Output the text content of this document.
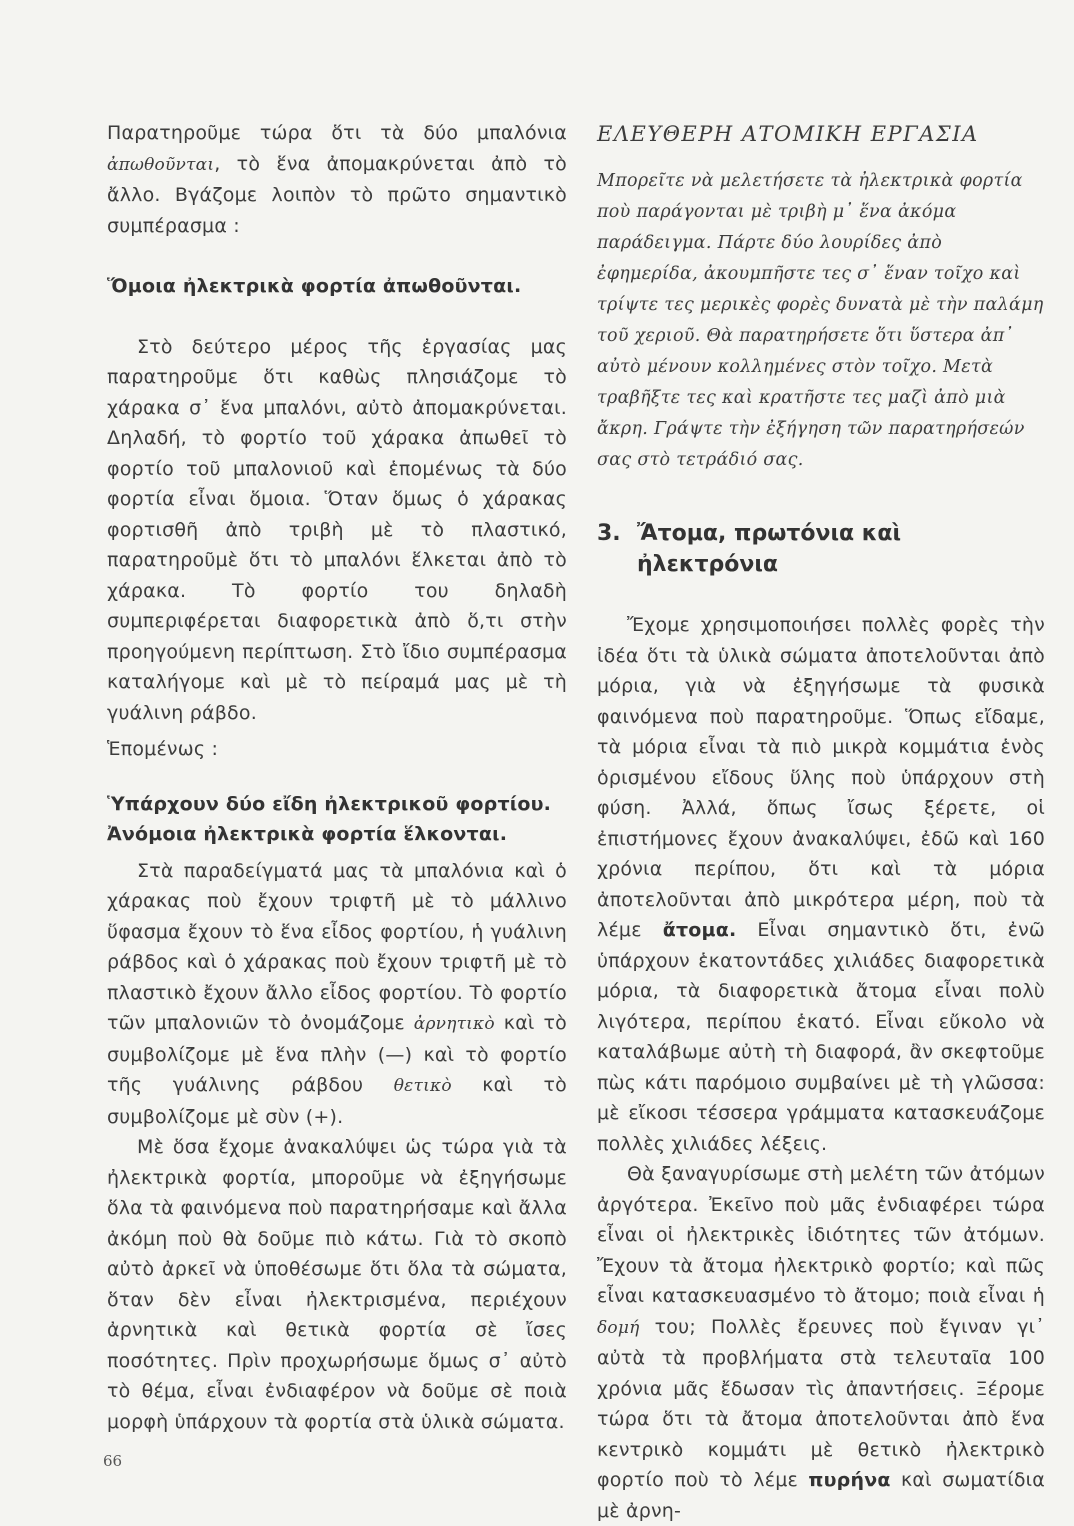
Παρατηροῦμε τώρα ὅτι τὰ δύο μπαλόνια ἀπωθοῦνται, τὸ ἕνα ἀπομακρύνεται ἀπὸ τὸ ἄλλο. Βγάζομε λοιπὸν τὸ πρῶτο σημαντικὸ συμπέρασμα :

Ὅμοια ἠλεκτρικὰ φορτία ἀπωθοῦνται.

Στὸ δεύτερο μέρος τῆς ἐργασίας μας παρατηροῦμε ὅτι καθὼς πλησιάζομε τὸ χάρακα σ᾽ ἕνα μπαλόνι, αὐτὸ ἀπομακρύνεται. Δηλαδή, τὸ φορτίο τοῦ χάρακα ἀπωθεῖ τὸ φορτίο τοῦ μπαλονιοῦ καὶ ἑπομένως τὰ δύο φορτία εἶναι ὅμοια. Ὅταν ὅμως ὁ χάρακας φορτισθῆ ἀπὸ τριβὴ μὲ τὸ πλαστικό, παρατηροῦμὲ ὅτι τὸ μπαλόνι ἕλκεται ἀπὸ τὸ χάρακα. Τὸ φορτίο του δηλαδὴ συμπεριφέρεται διαφορετικὰ ἀπὸ ὅ,τι στὴν προηγούμενη περίπτωση. Στὸ ἴδιο συμπέρασμα καταλήγομε καὶ μὲ τὸ πείραμά μας μὲ τὴ γυάλινη ράβδο.

Ἑπομένως :

Ὑπάρχουν δύο εἴδη ἠλεκτρικοῦ φορτίου.

Ἀνόμοια ἠλεκτρικὰ φορτία ἕλκονται.

Στὰ παραδείγματά μας τὰ μπαλόνια καὶ ὁ χάρακας ποὺ ἔχουν τριφτῆ μὲ τὸ μάλλινο ὕφασμα ἔχουν τὸ ἕνα εἶδος φορτίου, ἡ γυάλινη ράβδος καὶ ὁ χάρακας ποὺ ἔχουν τριφτῆ μὲ τὸ πλαστικὸ ἔχουν ἄλλο εἶδος φορτίου. Τὸ φορτίο τῶν μπαλονιῶν τὸ ὀνομάζομε ἀρνητικὸ καὶ τὸ συμβολίζομε μὲ ἕνα πλὴν (—) καὶ τὸ φορτίο τῆς γυάλινης ράβδου θετικὸ καὶ τὸ συμβολίζομε μὲ σὺν (+).

Μὲ ὅσα ἔχομε ἀνακαλύψει ὡς τώρα γιὰ τὰ ἠλεκτρικὰ φορτία, μποροῦμε νὰ ἐξηγήσωμε ὅλα τὰ φαινόμενα ποὺ παρατηρήσαμε καὶ ἄλλα ἀκόμη ποὺ θὰ δοῦμε πιὸ κάτω. Γιὰ τὸ σκοπὸ αὐτὸ ἀρκεῖ νὰ ὑποθέσωμε ὅτι ὅλα τὰ σώματα, ὅταν δὲν εἶναι ἠλεκτρισμένα, περιέχουν ἀρνητικὰ καὶ θετικὰ φορτία σὲ ἴσες ποσότητες. Πρὶν προχωρήσωμε ὅμως σ᾽ αὐτὸ τὸ θέμα, εἶναι ἐνδιαφέρον νὰ δοῦμε σὲ ποιὰ μορφὴ ὑπάρχουν τὰ φορτία στὰ ὑλικὰ σώματα.

ΕΛΕΥΘΕΡΗ ΑΤΟΜΙΚΗ ΕΡΓΑΣΙΑ

Μπορεῖτε νὰ μελετήσετε τὰ ἠλεκτρικὰ φορτία ποὺ παράγονται μὲ τριβὴ μ᾽ ἕνα ἀκόμα παράδειγμα. Πάρτε δύο λουρίδες ἀπὸ ἐφημερίδα, ἀκουμπῆστε τες σ᾽ ἕναν τοῖχο καὶ τρίψτε τες μερικὲς φορὲς δυνατὰ μὲ τὴν παλάμη τοῦ χεριοῦ. Θὰ παρατηρήσετε ὅτι ὕστερα ἀπ᾽ αὐτὸ μένουν κολλημένες στὸν τοῖχο. Μετὰ τραβῆξτε τες καὶ κρατῆστε τες μαζὶ ἀπὸ μιὰ ἄκρη. Γράψτε τὴν ἐξήγηση τῶν παρατηρήσεών σας στὸ τετράδιό σας.

3. Ἄτομα, πρωτόνια καὶ
ἠλεκτρόνια

Ἔχομε χρησιμοποιήσει πολλὲς φορὲς τὴν ἰδέα ὅτι τὰ ὑλικὰ σώματα ἀποτελοῦνται ἀπὸ μόρια, γιὰ νὰ ἐξηγήσωμε τὰ φυσικὰ φαινόμενα ποὺ παρατηροῦμε. Ὅπως εἴδαμε, τὰ μόρια εἶναι τὰ πιὸ μικρὰ κομμάτια ἑνὸς ὁρισμένου εἴδους ὕλης ποὺ ὑπάρχουν στὴ φύση. Ἀλλά, ὅπως ἴσως ξέρετε, οἱ ἐπιστήμονες ἔχουν ἀνακαλύψει, ἐδῶ καὶ 160 χρόνια περίπου, ὅτι καὶ τὰ μόρια ἀποτελοῦνται ἀπὸ μικρότερα μέρη, ποὺ τὰ λέμε ἄτομα. Εἶναι σημαντικὸ ὅτι, ἐνῶ ὑπάρχουν ἑκατοντάδες χιλιάδες διαφορετικὰ μόρια, τὰ διαφορετικὰ ἄτομα εἶναι πολὺ λιγότερα, περίπου ἑκατό. Εἶναι εὔκολο νὰ καταλάβωμε αὐτὴ τὴ διαφορά, ἂν σκεφτοῦμε πὼς κάτι παρόμοιο συμβαίνει μὲ τὴ γλῶσσα: μὲ εἴκοσι τέσσερα γράμματα κατασκευάζομε πολλὲς χιλιάδες λέξεις.

Θὰ ξαναγυρίσωμε στὴ μελέτη τῶν ἀτόμων ἀργότερα. Ἐκεῖνο ποὺ μᾶς ἐνδιαφέρει τώρα εἶναι οἱ ἠλεκτρικὲς ἰδιότητες τῶν ἀτόμων. Ἔχουν τὰ ἄτομα ἠλεκτρικὸ φορτίο; καὶ πῶς εἶναι κατασκευασμένο τὸ ἄτομο; ποιὰ εἶναι ἡ δομή του; Πολλὲς ἔρευνες ποὺ ἔγιναν γι᾽ αὐτὰ τὰ προβλήματα στὰ τελευταῖα 100 χρόνια μᾶς ἔδωσαν τὶς ἀπαντήσεις. Ξέρομε τώρα ὅτι τὰ ἄτομα ἀποτελοῦνται ἀπὸ ἕνα κεντρικὸ κομμάτι μὲ θετικὸ ἠλεκτρικὸ φορτίο ποὺ τὸ λέμε πυρήνα καὶ σωματίδια μὲ ἀρνη-

66
